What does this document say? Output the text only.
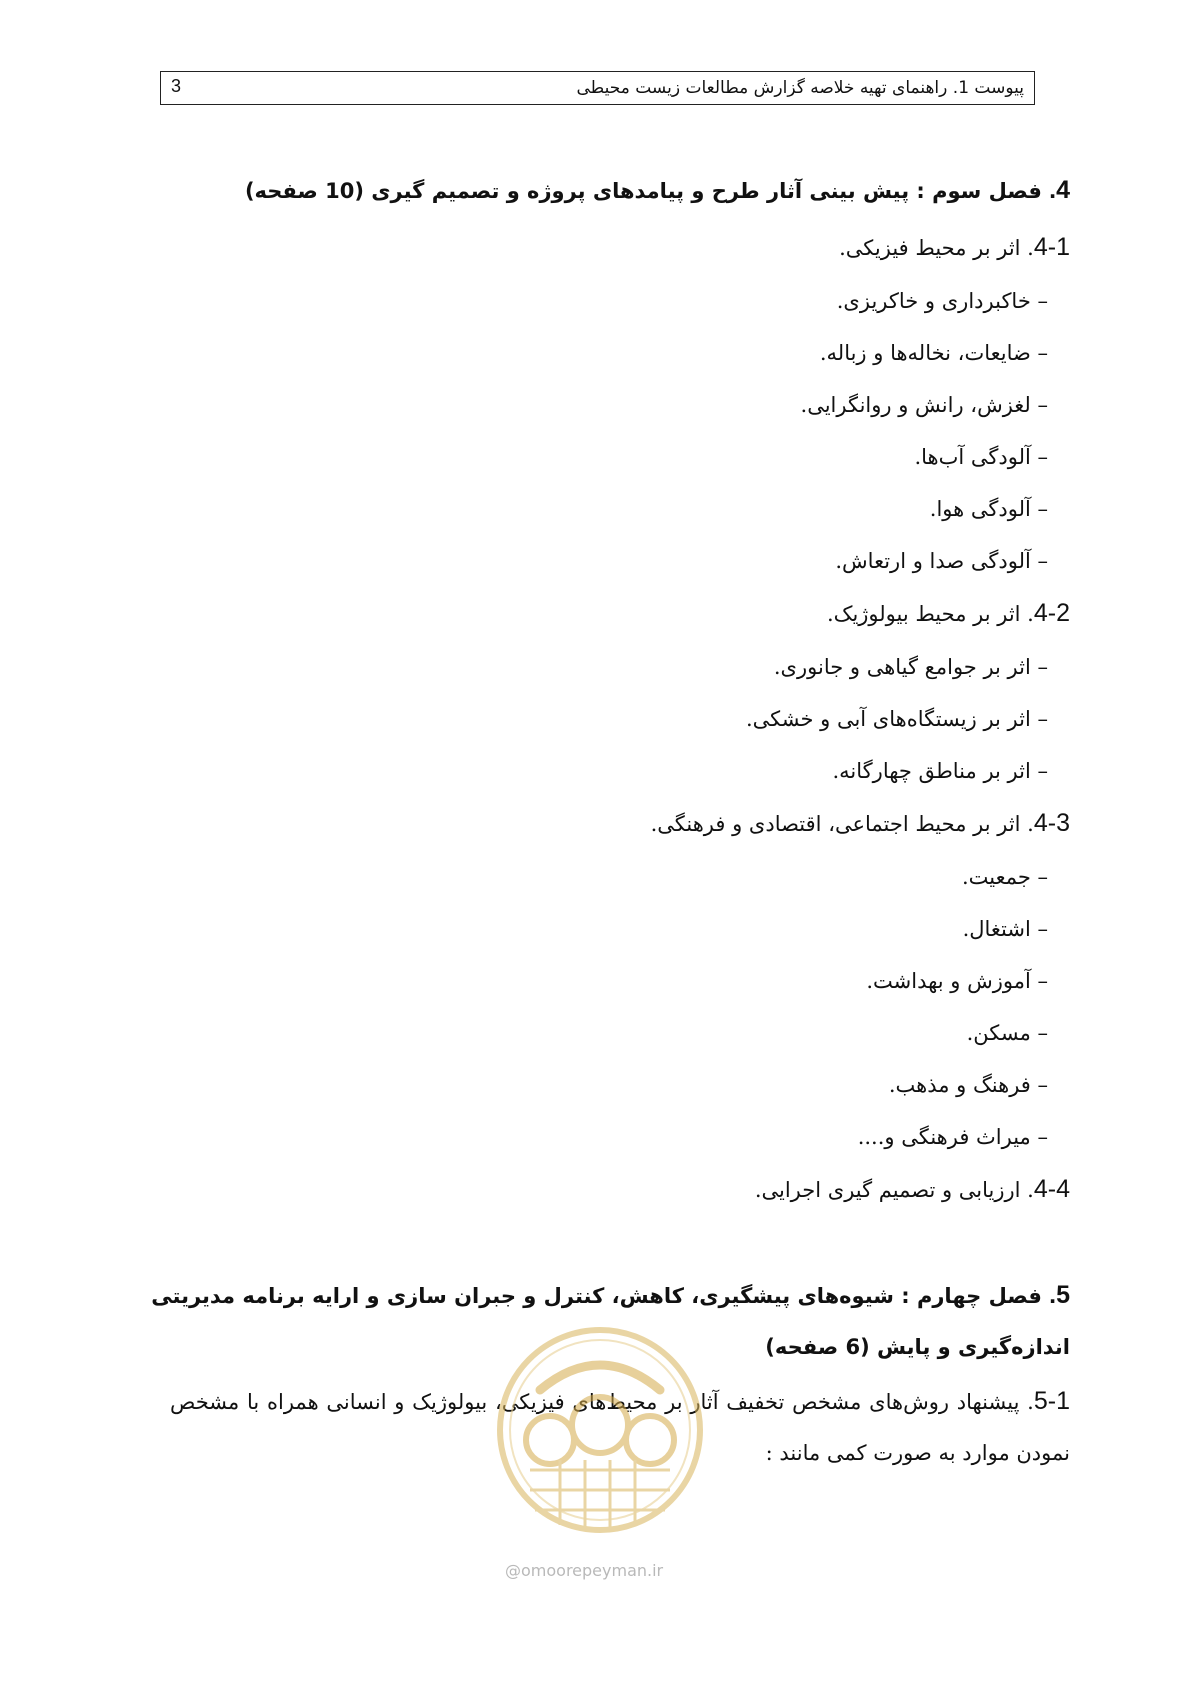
پیوست 1. راهنمای تهیه خلاصه گزارش مطالعات زیست محیطی
3
4. فصل سوم : پیش بینی آثار طرح و پیامدهای پروژه و تصمیم گیری (10 صفحه)
4-1. اثر بر محیط فیزیکی.
– خاکبرداری و خاکریزی.
– ضایعات، نخاله‌ها و زباله.
– لغزش، رانش و روانگرایی.
– آلودگی آب‌ها.
– آلودگی هوا.
– آلودگی صدا و ارتعاش.
4-2. اثر بر محیط بیولوژیک.
– اثر بر جوامع گیاهی و جانوری.
– اثر بر زیستگاه‌های آبی و خشکی.
– اثر بر مناطق چهارگانه.
4-3. اثر بر محیط اجتماعی، اقتصادی و فرهنگی.
– جمعیت.
– اشتغال.
– آموزش و بهداشت.
– مسکن.
– فرهنگ و مذهب.
– میراث فرهنگی و....
4-4. ارزیابی و تصمیم گیری اجرایی.
5. فصل چهارم : شیوه‌های پیشگیری، کاهش، کنترل و جبران سازی و ارایه برنامه مدیریتی
اندازه‌گیری و پایش (6 صفحه)
5-1. پیشنهاد روش‌های مشخص تخفیف آثار بر محیط‌های فیزیکی، بیولوژیک و انسانی همراه با مشخص
نمودن موارد به صورت کمی مانند :
@omoorepeyman.ir
